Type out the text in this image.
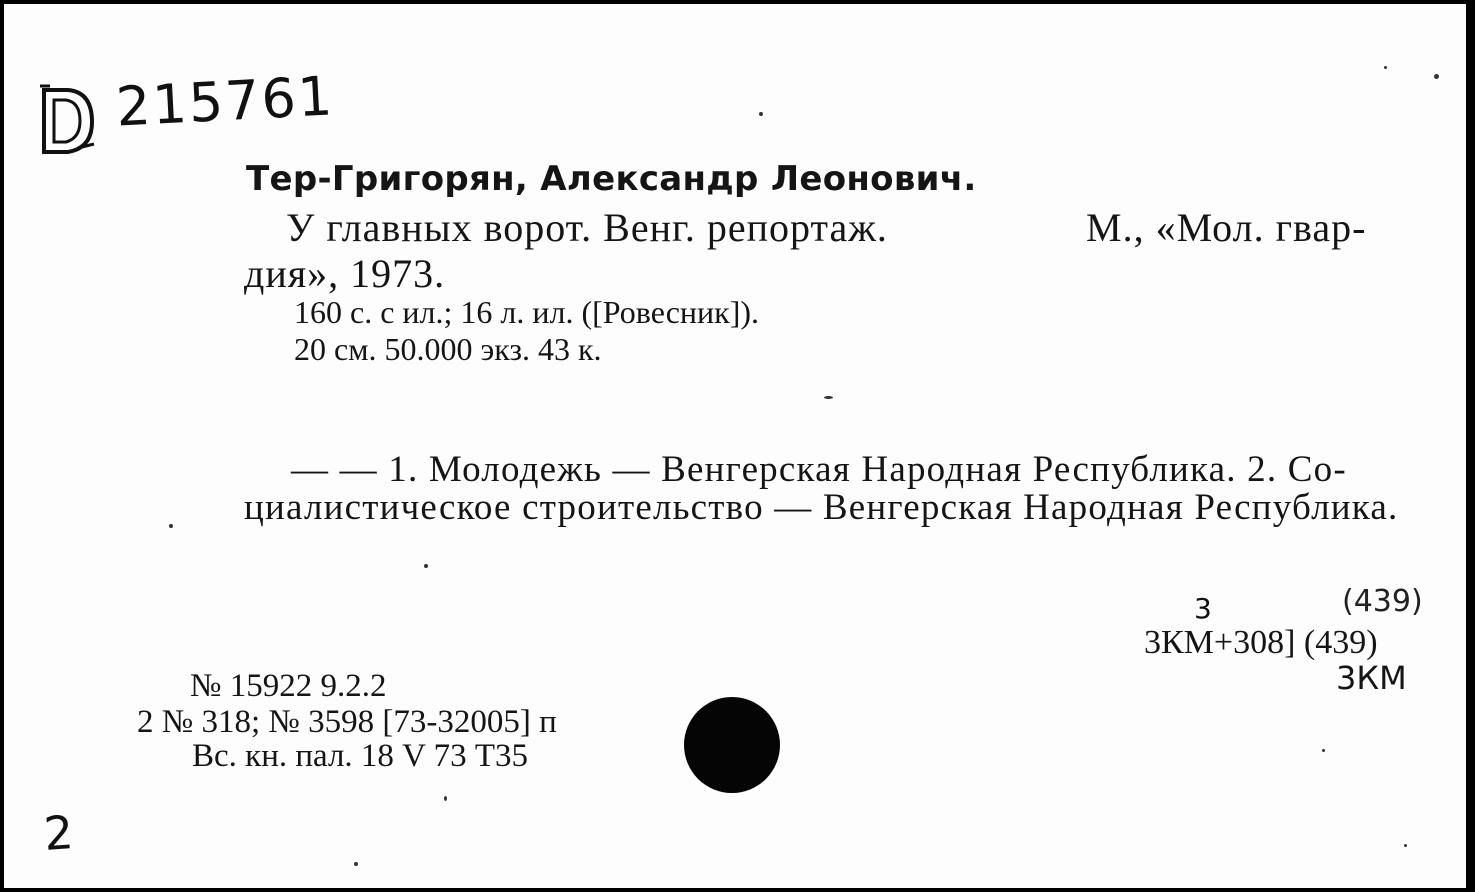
215761
Тер-Григорян, Александр Леонович.
У главных ворот. Венг. репортаж.	М., «Мол. гвар-
дия», 1973.
160 с. с ил.; 16 л. ил. ([Ровесник]).
20 см. 50.000 экз. 43 к.
— — 1. Молодежь — Венгерская Народная Республика. 2. Со-
циалистическое строительство — Венгерская Народная Республика.
3	(439)
3КМ+308] (439)
3КМ
№ 15922 9.2.2
2 № 318; № 3598 [73-32005] п
Вс. кн. пал. 18 V 73 Т35
2
